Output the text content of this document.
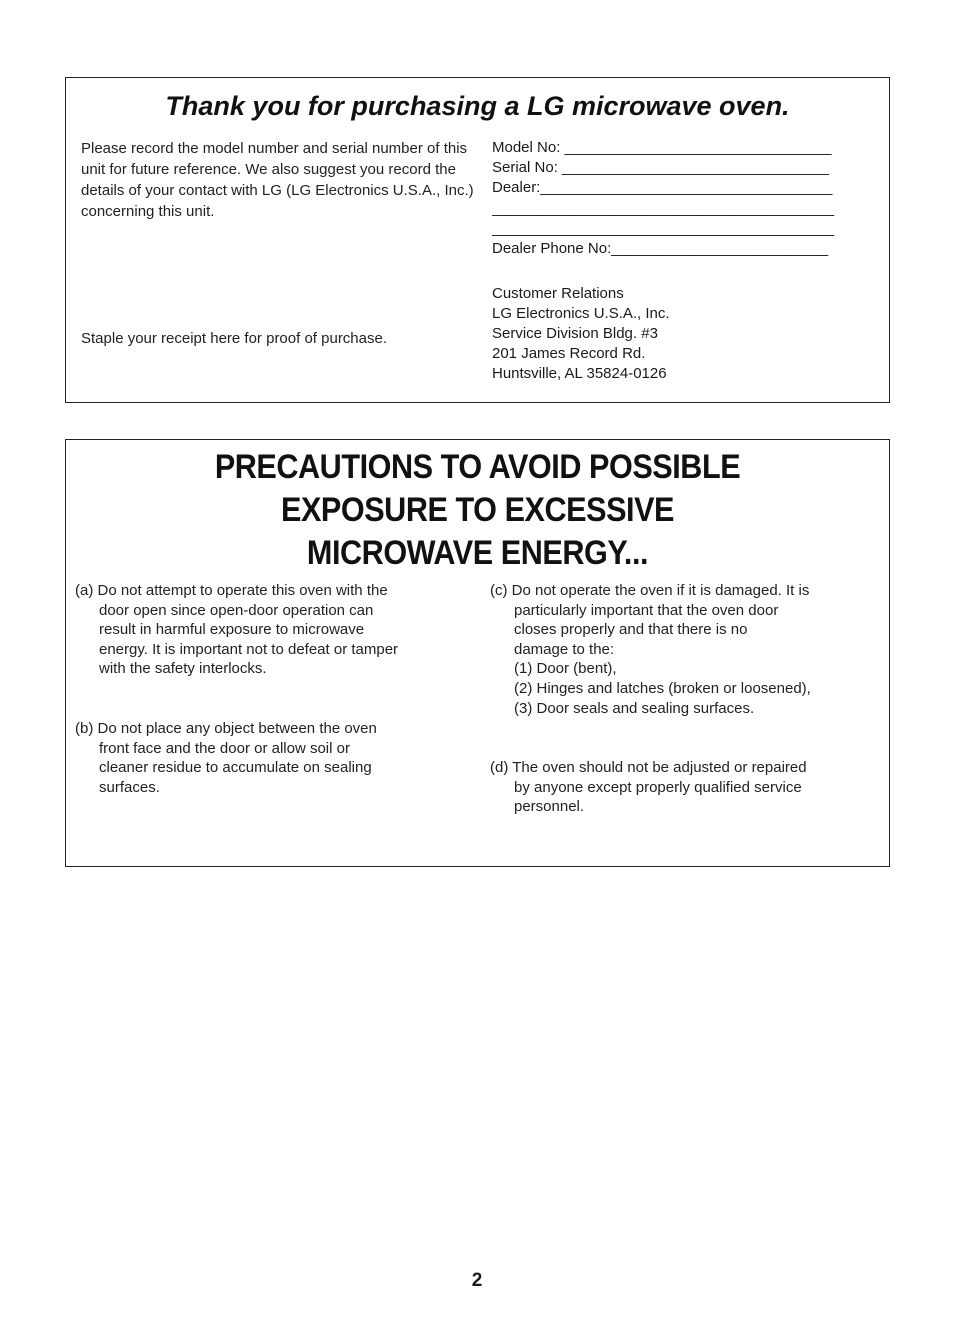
Thank you for purchasing a LG microwave oven.
Please record the model number and serial number of this unit for future reference. We also suggest you record the details of your contact with LG (LG Electronics U.S.A., Inc.) concerning this unit.
Staple your receipt here for proof of purchase.
Model No: ________________________________
Serial No: ________________________________
Dealer:___________________________________
_________________________________________
_________________________________________
Dealer Phone No:__________________________
Customer Relations
LG Electronics U.S.A., Inc.
Service Division Bldg. #3
201 James Record Rd.
Huntsville, AL 35824-0126
PRECAUTIONS TO AVOID POSSIBLE
EXPOSURE TO EXCESSIVE
MICROWAVE ENERGY...
(a) Do not attempt to operate this oven with the
door open since open-door operation can
result in harmful exposure to microwave
energy. It is important not to defeat or tamper
with the safety interlocks.
(b) Do not place any object between the oven
front face and the door or allow soil or
cleaner residue to accumulate on sealing
surfaces.
(c) Do not operate the oven if it is damaged. It is
particularly important that the oven door
closes properly and that there is no
damage to the:
(1) Door (bent),
(2) Hinges and latches (broken or loosened),
(3) Door seals and sealing surfaces.
(d) The oven should not be adjusted or repaired
by anyone except properly qualified service
personnel.
2
